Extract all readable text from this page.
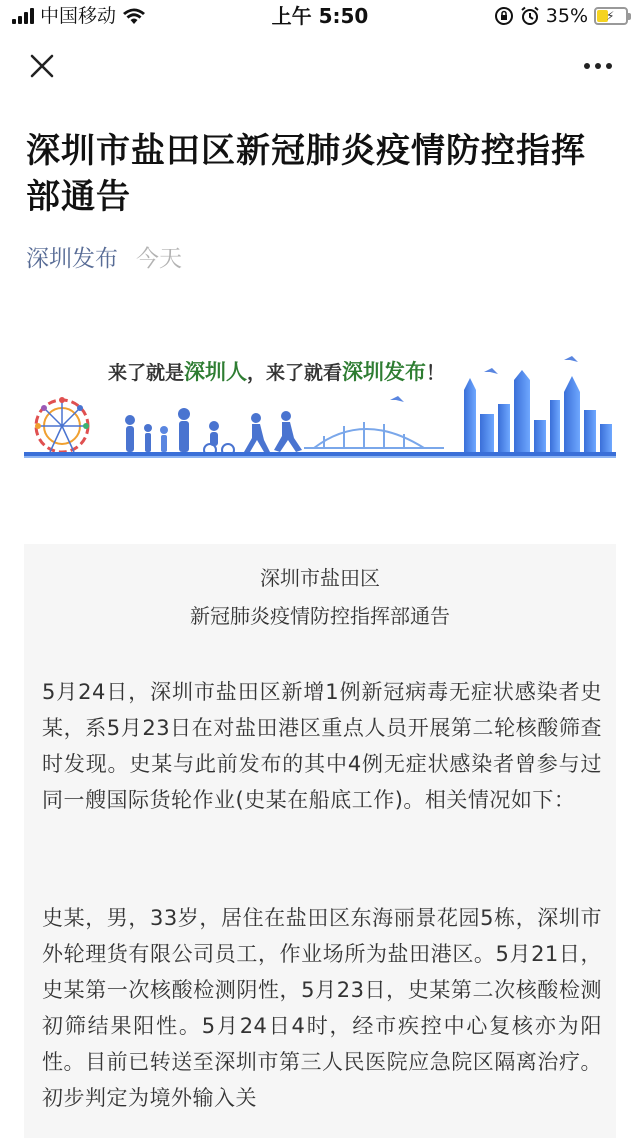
中国移动	上午 5:50	35% ⚡
深圳市盐田区新冠肺炎疫情防控指挥部通告
深圳发布 今天
来了就是深圳人，来了就看深圳发布！
深圳市盐田区
新冠肺炎疫情防控指挥部通告

5月24日，深圳市盐田区新增1例新冠病毒无症状感染者史某，系5月23日在对盐田港区重点人员开展第二轮核酸筛查时发现。史某与此前发布的其中4例无症状感染者曾参与过同一艘国际货轮作业(史某在船底工作)。相关情况如下：

史某，男，33岁，居住在盐田区东海丽景花园5栋，深圳市外轮理货有限公司员工，作业场所为盐田港区。5月21日，史某第一次核酸检测阴性，5月23日，史某第二次核酸检测初筛结果阳性。5月24日4时，经市疾控中心复核亦为阳性。目前已转送至深圳市第三人民医院应急院区隔离治疗。初步判定为境外输入关
